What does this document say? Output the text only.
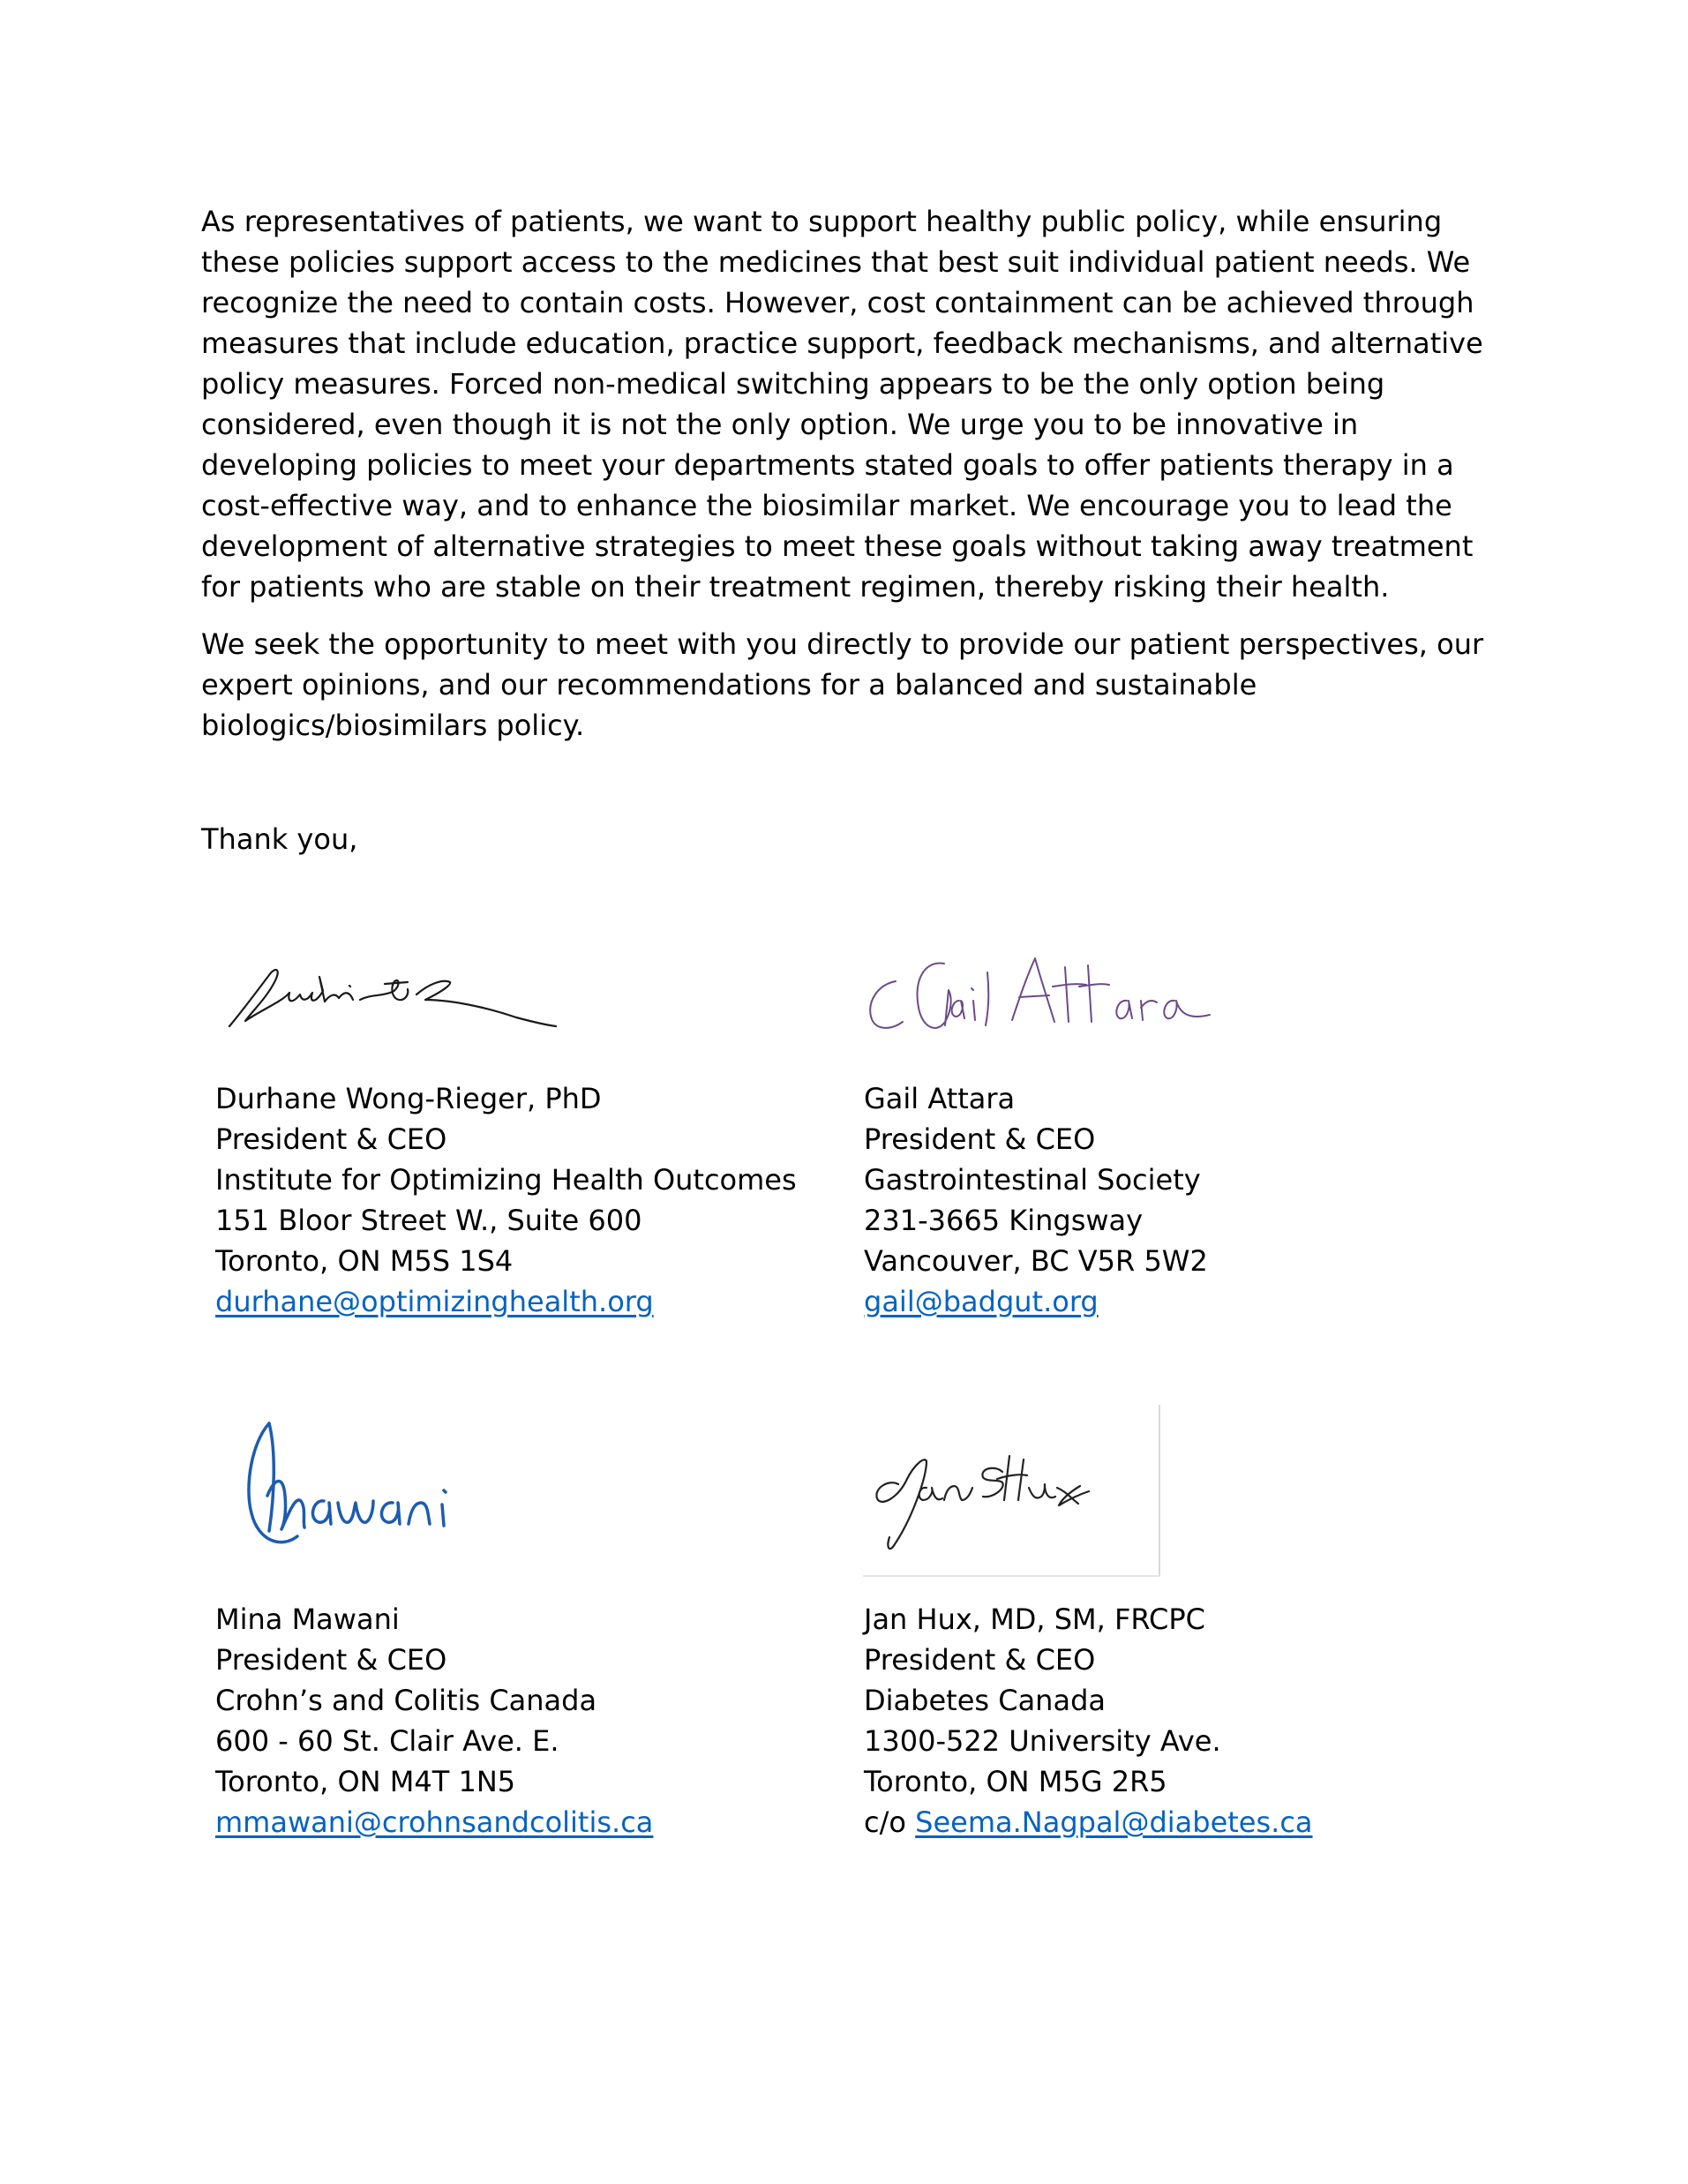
As representatives of patients, we want to support healthy public policy, while ensuring these policies support access to the medicines that best suit individual patient needs. We recognize the need to contain costs. However, cost containment can be achieved through measures that include education, practice support, feedback mechanisms, and alternative policy measures. Forced non-medical switching appears to be the only option being considered, even though it is not the only option. We urge you to be innovative in developing policies to meet your departments stated goals to offer patients therapy in a cost-effective way, and to enhance the biosimilar market. We encourage you to lead the development of alternative strategies to meet these goals without taking away treatment for patients who are stable on their treatment regimen, thereby risking their health.

We seek the opportunity to meet with you directly to provide our patient perspectives, our expert opinions, and our recommendations for a balanced and sustainable biologics/biosimilars policy.

Thank you,

Durhane Wong-Rieger, PhD
President & CEO
Institute for Optimizing Health Outcomes
151 Bloor Street W., Suite 600
Toronto, ON M5S 1S4
durhane@optimizinghealth.org
Gail Attara
President & CEO
Gastrointestinal Society
231-3665 Kingsway
Vancouver, BC V5R 5W2
gail@badgut.org
Mina Mawani
President & CEO
Crohn’s and Colitis Canada
600 - 60 St. Clair Ave. E.
Toronto, ON M4T 1N5
mmawani@crohnsandcolitis.ca
Jan Hux, MD, SM, FRCPC
President & CEO
Diabetes Canada
1300-522 University Ave.
Toronto, ON M5G 2R5
c/o Seema.Nagpal@diabetes.ca
